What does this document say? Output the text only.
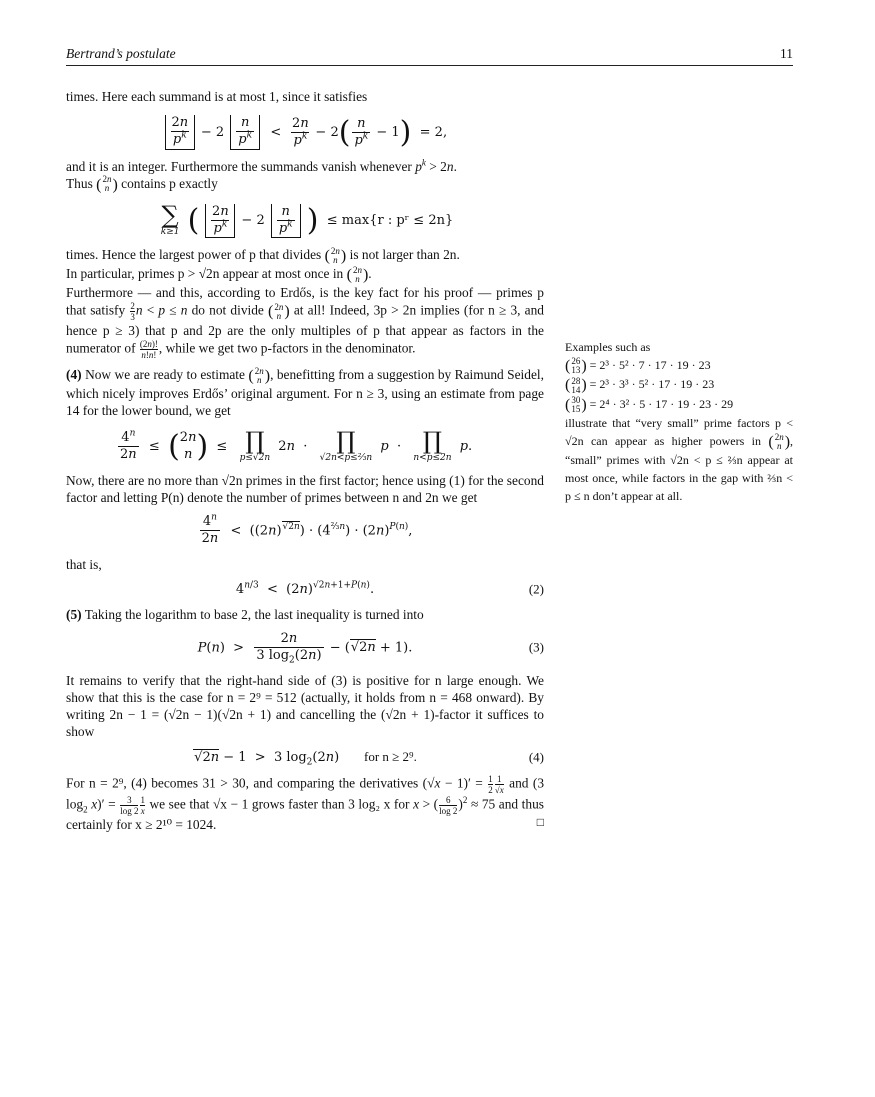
Bertrand’s postulate	11

times. Here each summand is at most 1, since it satisfies

$\frac{2n}{p^k} - 2 \frac{n}{p^k} < \frac{2n}{p^k} - 2( \frac{n}{p^k} - 1) = 2$,

and it is an integer. Furthermore the summands vanish whenever $p^k > 2n$.
Thus ( 2n
n ) contains p exactly

∑
k≥1 ( $\frac{2n}{p^k} - 2 \frac{n}{p^k}$ ) ≤ max{r : pʳ ≤ 2n}

times. Hence the largest power of p that divides ( 2n
n ) is not larger than 2n.
In particular, primes p > √2n appear at most once in ( 2n
n ).

Furthermore — and this, according to Erdős, is the key fact for his proof — primes p that satisfy $\frac{2}{3}$ n < p ≤ n do not divide ( 2n
n ) at all! Indeed, 3p > 2n implies (for n ≥ 3, and hence p ≥ 3) that p and 2p are the only multiples of p that appear as factors in the numerator of $\frac{(2n)!}{n!n!}$ , while we get two p-factors in the denominator.

(4) Now we are ready to estimate ( 2n
n ), benefitting from a suggestion by Raimund Seidel, which nicely improves Erdős’ original argument. For n ≥ 3, using an estimate from page 14 for the lower bound, we get

$\frac{4^n}{2n}$ ≤  ( 2n
n )  ≤ ∏
p≤√2n
2n  · ∏
√2n<p≤⅔n
p  · ∏
n<p≤2n
p.

Now, there are no more than √2n primes in the first factor; hence using (1) for the second factor and letting P(n) denote the number of primes between n and 2n we get

$\frac{4^n}{2n} < ((2n)^{√2n}) \cdot (4^{\frac{2}{3}n}) \cdot (2n)^{P(n)}$,

that is,

$4^{n/3} < (2n)^{√2n+1+P(n)}$.	(2)

(5) Taking the logarithm to base 2, the last inequality is turned into

$P(n) > \frac{2n}{3 \log_2(2n)} - (√2n + 1)$.	(3)

It remains to verify that the right-hand side of (3) is positive for n large enough. We show that this is the case for n = 2⁹ = 512 (actually, it holds from n = 468 onward). By writing 2n − 1 = (√2n − 1)(√2n + 1) and cancelling the (√2n + 1)-factor it suffices to show

√2n − 1  >  3 $\log_2(2n)$      for n ≥ 2⁹.	(4)

For n = 2⁹, (4) becomes 31 > 30, and comparing the derivatives $(√x - 1)' = \frac{1}{2} \frac{1}{√x}$ and (3 $\log_2 x)' = \frac{3}{\log 2} \frac{1}{x}$ we see that √x − 1 grows faster than 3 log₂ x for x > ( $\frac{6}{\log 2} )^2 \approx 75$ and thus certainly for x ≥ 2¹⁰ = 1024.	□

Examples such as
( 26
13 ) = 2³ · 5² · 7 · 17 · 19 · 23
( 28
14 ) = 2³ · 3³ · 5² · 17 · 19 · 23
( 30
15 ) = 2⁴ · 3² · 5 · 17 · 19 · 23 · 29

illustrate that “very small” prime factors p < √2n can appear as higher powers in ( 2n
n ), “small” primes with √2n < p ≤ ⅔n appear at most once, while factors in the gap with ⅔n < p ≤ n don’t appear at all.
